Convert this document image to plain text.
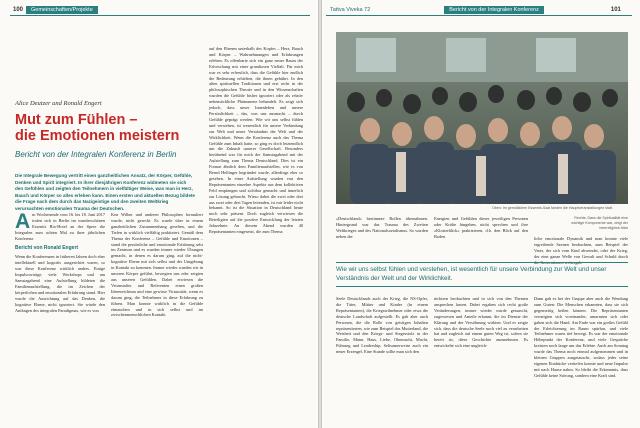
100	Gemeinschaften/Projekte
Alice Deutzer und Ronald Engert
Mut zum Fühlen –
die Emotionen meistern
Bericht von der Integralen Konferenz in Berlin
Die Integrale Bewegung vertritt einen ganzheitlichen Ansatz, der Körper, Gefühle, Denken und Spirit integriert. In ihrer diesjährigen Konferenz widmeten sie sich den Gefühlen und zeigten den Teilnehmern in vielfältiger Weise, was man in Herz, Bauch und Körper so alles erleben kann. Einen ersten und aktuellen Bezug bildete die Frage nach dem durch das Nazigeistige und den zweiten Weltkrieg verursachten emotionalen Trauma der Deutschen.

A m Wochenende vom 16. bis 18. Juni 2017 trafen sich in Berlin im wunderschönen Essentis Bio-Hotel an der Spree die Integralen zum achten Mal zu ihrer jährlichen Konferenz.

Bericht von Ronald Engert

Wenn die Konferenzen in früheren Jahren doch eher intellektuell und kognitiv ausgerichtet waren, so war diese Konferenz wirklich anders. Einige Impulsvorträge, viele Workshops und am Samstagabend eine Aufstellung bildeten die Familienaufstellung, die im Zeichen der körperlichen und emotionalen Erfahrung stand. Hier wurde die Ausrichtung auf das Denken, die kognitive Ebene, nicht ignoriert. Sie würde den Anfängen des integralen Paradigmas, wie es von

Ken Wilber und anderen Philosophen formuliert wurde, nicht gerecht. Es wurde über in einem ganzheitlichen Zusammenhang gesehen, und die Tiefen in wirklich vielfältig praktiziert. Gemäß dem Thema der Konferenz – Gefühle und Emotionen – stand die persönliche und emotionale Erfahrung sehr im Zentrum und es wurden immer wieder Übungen gemacht, in denen es darum ging, auf die nicht-kognitive Ebene mit sich selbst und der Umgebung in Kontakt zu kommen. Immer wieder wurden wir in unseren Körper geführt, bewegten uns oder zeigten aus unseren Gefühlen. Dabei erwiesen die Veranstalter und Referenten einen großen Ideenreichtum und eine gewisse Virtuosität, wenn es darum ging, die Teilnehmer in diese Erfahrung zu führen. Man konnte wirklich in die Gefühle eintauchen und in sich selbst und im zwischenmenschlichen Kontakt

auf den Ebenen unterhalb des Kopfes – Herz, Bauch und Körper – Wahrnehmungen und Erfahrungen erleben. Es offenbarte sich ein ganz neuer Raum der Erforschung mit einer grandiosen Vielfalt. Für mich war es sehr erfreulich, dass die Gefühle hier endlich die Bedeutung erhielten, die ihnen gebührt. In den alten spirituellen Traditionen und erst recht in der philosophischen Theorie und in den Wissenschaften wurden die Gefühle bisher ignoriert oder als relativ nebensächliche Phänomene behandelt. Es zeigt sich jedoch, dass unser Innenleben und unsere Persönlichkeit – das, was uns ausmacht – durch Gefühle geprägt werden. Wie wir uns selbst fühlen und verstehen, ist wesentlich für unsere Verbindung zur Welt und unser Verständnis der Welt und der Wirklichkeit. Wenn die Konferenz auch das Thema Gefühle zum Inhalt hatte, so ging es doch letztendlich um die Zukunft unserer Gesellschaft. Besonders berührend war für mich der Samstagabend mit der Aufstellung zum Thema Deutschland. Dies ist ein Format ähnlich dem Familienaufstellen, wie es von Bernd Hellinger begründet wurde, allerdings eher so gesehen. In einer Aufstellung wurden von den Repräsentanten einzelne Aspekte aus dem kollektiven Feld empfangen und sichtbar gemacht und innerlich zur Lösung gebracht. Wieso dabei die zwei oder drei aus zwei oder drei Tagen leitenden, ist mir leider nicht bekannt. So ist die Situation in Deutschland heute noch sehr präsent. Doch zugleich verwiesen die Beteiligten auf die positive Entwicklung der letzten Jahrzehnte. An diesem Abend wurden 40 Repräsentanten eingesetzt, die zum Thema

Tattva Viveka 72	Bericht von der Integralen Konferenz	101
Oben: Im gemütlichen Essentis-Saal fanden die Hauptveranstaltungen statt.
Rechts: Dass die Spiritualität eine wichtige Komponente war, zeigt der interreligiöse Altar

»Deutschland« bestimmte Rollen übernahmen. Hintergrund war das Trauma des Zweiten Weltkrieges und des Nationalsozialismus. So wurden neben der

Energien und Gefühlen dieser jeweiligen Personen oder Kräfte hingehen, nicht sprechen und ihre »Klosterblick« praktizieren, d.h. den Blick auf den Boden	liche emotionale Dynamik und man konnte viele ergreifende Szenen beobachten, zum Beispiel der Vater, der sich vom Kind abwendet, oder der Krieg, der eine ganze Welle von Gewalt und Schuld durch die Generationen weitergab.

Wie wir uns selbst fühlen und verstehen, ist wesentlich für unsere Verbindung zur Welt und unser Verständnis der Welt und der Wirklichkeit.

Seele Deutschlands auch der Krieg, die NS-Opfer, die Täter, Mütter und Kinder (in einem Repräsentanten), die Kriegsteilnehmer oder etwa die deutsche Landschaft aufgestellt. Es gab aber auch Personen, die die Rolle von geistigen Inhalten repräsentierten, wie zum Beispiel das Mutterland, die Weisheit und den Kriegs- und Siegesstolz in der Familie, Mann, Haus, Liebe, Ohnmacht, Macht, Führung und Leadership. Seltsamerweise auch ein neuer Erzengel. Eine Stunde sollte man sich den

nichtern beobachten und in sich von den Themen ansprechen lassen. Dabei ergaben sich recht große Veränderungen, immer wieder wurde getauscht, zugewiesen und Anteile erkannt, die im Dienste der Klärung und der Versöhnung wirkten. Und es zeigte sich, dass die deutsche Seele noch viel zu verarbeiten hat und zugleich auf einem guten Weg ist, sofern sie bereit ist, diese Geschichte anzunehmen. Es entwickelte sich eine ungleich-

Dann gab es bei der Gruppe aber auch die Wendung zum Guten: Die Menschen erkannten, dass sie sich gegenseitig heilen können. Die Repräsentanten verneigten sich voreinander, umarmten sich oder gaben sich die Hand. Am Ende war ein großes Gefühl der Erleichterung im Raum spürbar, und viele Teilnehmer waren tief bewegt. Es war der emotionale Höhepunkt der Konferenz, und viele Gespräche kreisten noch lange um das Erlebte. Auch am Sonntag wurde das Thema noch einmal aufgenommen und in kleinen Gruppen ausgetauscht, sodass jeder seine eigenen Eindrücke vertiefen konnte und neue Impulse mit nach Hause nahm. So bleibt die Erkenntnis, dass Gefühle keine Störung, sondern eine Kraft sind.
